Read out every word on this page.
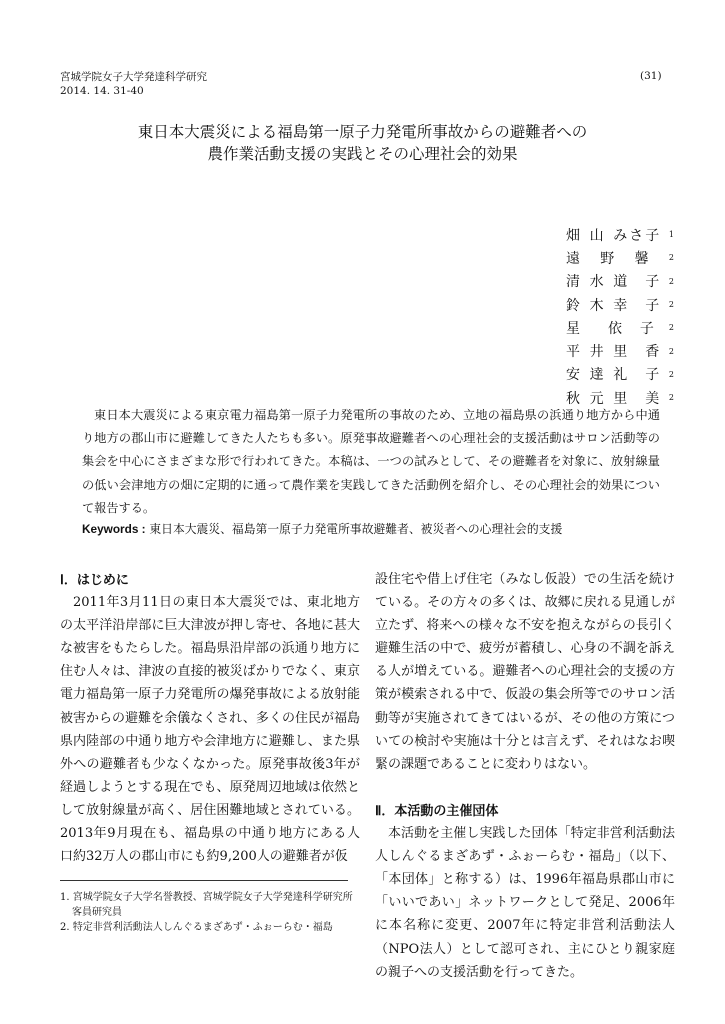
宮城学院女子大学発達科学研究
2014. 14. 31-40
(31)
東日本大震災による福島第一原子力発電所事故からの避難者への
農作業活動支援の実践とその心理社会的効果
畑 山 みさ子 1
遠 野 馨 2
清 水 道　子 2
鈴 木 幸　子 2
星 依　子 2
平 井 里　香 2
安 達 礼　子 2
秋 元 里　美 2
東日本大震災による東京電力福島第一原子力発電所の事故のため、立地の福島県の浜通り地方から中通り地方の郡山市に避難してきた人たちも多い。原発事故避難者への心理社会的支援活動はサロン活動等の集会を中心にさまざまな形で行われてきた。本稿は、一つの試みとして、その避難者を対象に、放射線量の低い会津地方の畑に定期的に通って農作業を実践してきた活動例を紹介し、その心理社会的効果について報告する。
Keywords : 東日本大震災、福島第一原子力発電所事故避難者、被災者への心理社会的支援
Ⅰ．はじめに
2011年3月11日の東日本大震災では、東北地方の太平洋沿岸部に巨大津波が押し寄せ、各地に甚大な被害をもたらした。福島県沿岸部の浜通り地方に住む人々は、津波の直接的被災ばかりでなく、東京電力福島第一原子力発電所の爆発事故による放射能被害からの避難を余儀なくされ、多くの住民が福島県内陸部の中通り地方や会津地方に避難し、また県外への避難者も少なくなかった。原発事故後3年が経過しようとする現在でも、原発周辺地域は依然として放射線量が高く、居住困難地域とされている。2013年9月現在も、福島県の中通り地方にある人口約32万人の郡山市にも約9,200人の避難者が仮
設住宅や借上げ住宅（みなし仮設）での生活を続けている。その方々の多くは、故郷に戻れる見通しが立たず、将来への様々な不安を抱えながらの長引く避難生活の中で、疲労が蓄積し、心身の不調を訴える人が増えている。避難者への心理社会的支援の方策が模索される中で、仮設の集会所等でのサロン活動等が実施されてきてはいるが、その他の方策についての検討や実施は十分とは言えず、それはなお喫緊の課題であることに変わりはない。
Ⅱ．本活動の主催団体
本活動を主催し実践した団体「特定非営利活動法人しんぐるまざあず・ふぉーらむ・福島」（以下、「本団体」と称する）は、1996年福島県郡山市に「いいであい」ネットワークとして発足、2006年に本名称に変更、2007年に特定非営利活動法人（NPO法人）として認可され、主にひとり親家庭の親子への支援活動を行ってきた。
1. 宮城学院女子大学名誉教授、宮城学院女子大学発達科学研究所客員研究員
2. 特定非営利活動法人しんぐるまざあず・ふぉーらむ・福島
